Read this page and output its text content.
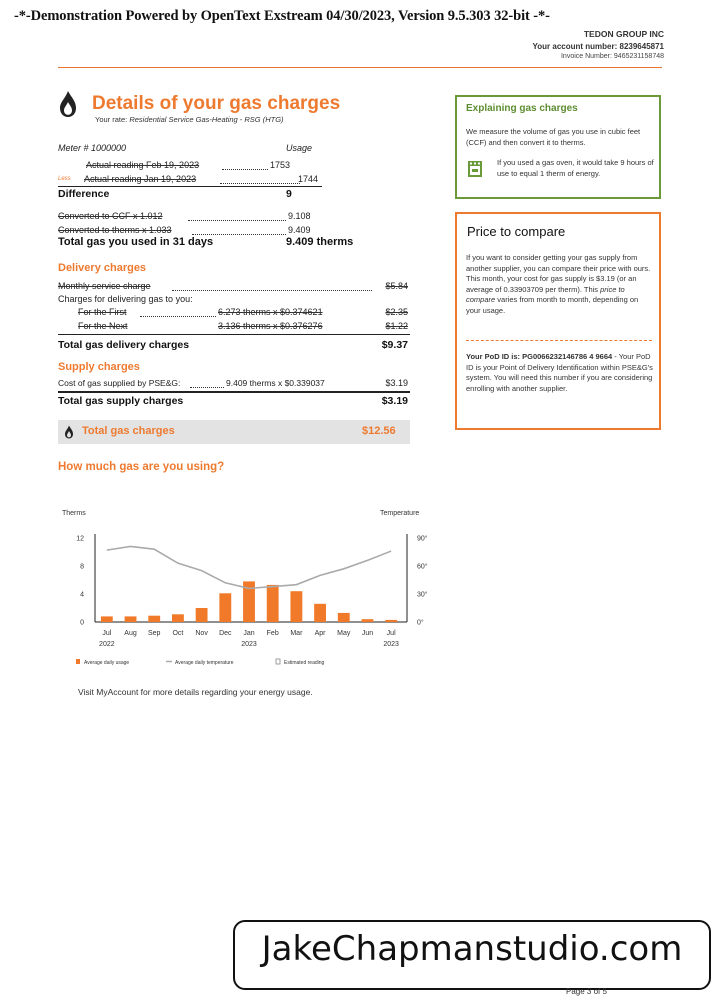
-*-Demonstration Powered by OpenText Exstream 04/30/2023, Version 9.5.303 32-bit -*-
TEDON GROUP INC
Your account number: 8239645871
Invoice Number: 9465231158748
Details of your gas charges
Your rate: Residential Service Gas-Heating - RSG (HTG)
Meter # 1000000	Usage
Actual reading Feb 19, 2023	1753
Less Actual reading Jan 19, 2023	1744
Difference	9
Converted to CCF x 1.012	9.108
Converted to therms x 1.033	9.409
Total gas you used in 31 days	9.409 therms
Delivery charges
Monthly service charge	$5.84
Charges for delivering gas to you:
For the First	6.273 therms x $0.374621	$2.35
For the Next	3.136 therms x $0.376276	$1.22
Total gas delivery charges	$9.37
Supply charges
Cost of gas supplied by PSE&G:	9.409 therms x $0.339037	$3.19
Total gas supply charges	$3.19
Total gas charges	$12.56
How much gas are you using?
Therms	Temperature
0
4
8
12
0°
30°
60°
90°
Jul Aug Sep Oct Nov Dec Jan Feb Mar Apr May Jun Jul
2022	2023	2023
Average daily usage	Average daily temperature	Estimated reading
Visit MyAccount for more details regarding your energy usage.
Explaining gas charges
We measure the volume of gas you use in cubic feet (CCF) and then convert it to therms.
If you used a gas oven, it would take 9 hours of use to equal 1 therm of energy.
Price to compare
If you want to consider getting your gas supply from another supplier, you can compare their price with ours. This month, your cost for gas supply is $3.19 (or an average of 0.33903709 per therm). This price to compare varies from month to month, depending on your usage.
Your PoD ID is: PG0066232146786 4 9664 - Your PoD ID is your Point of Delivery Identification within PSE&G's system. You will need this number if you are considering enrolling with another supplier.
JakeChapmanstudio.com
Page 3 of 5
